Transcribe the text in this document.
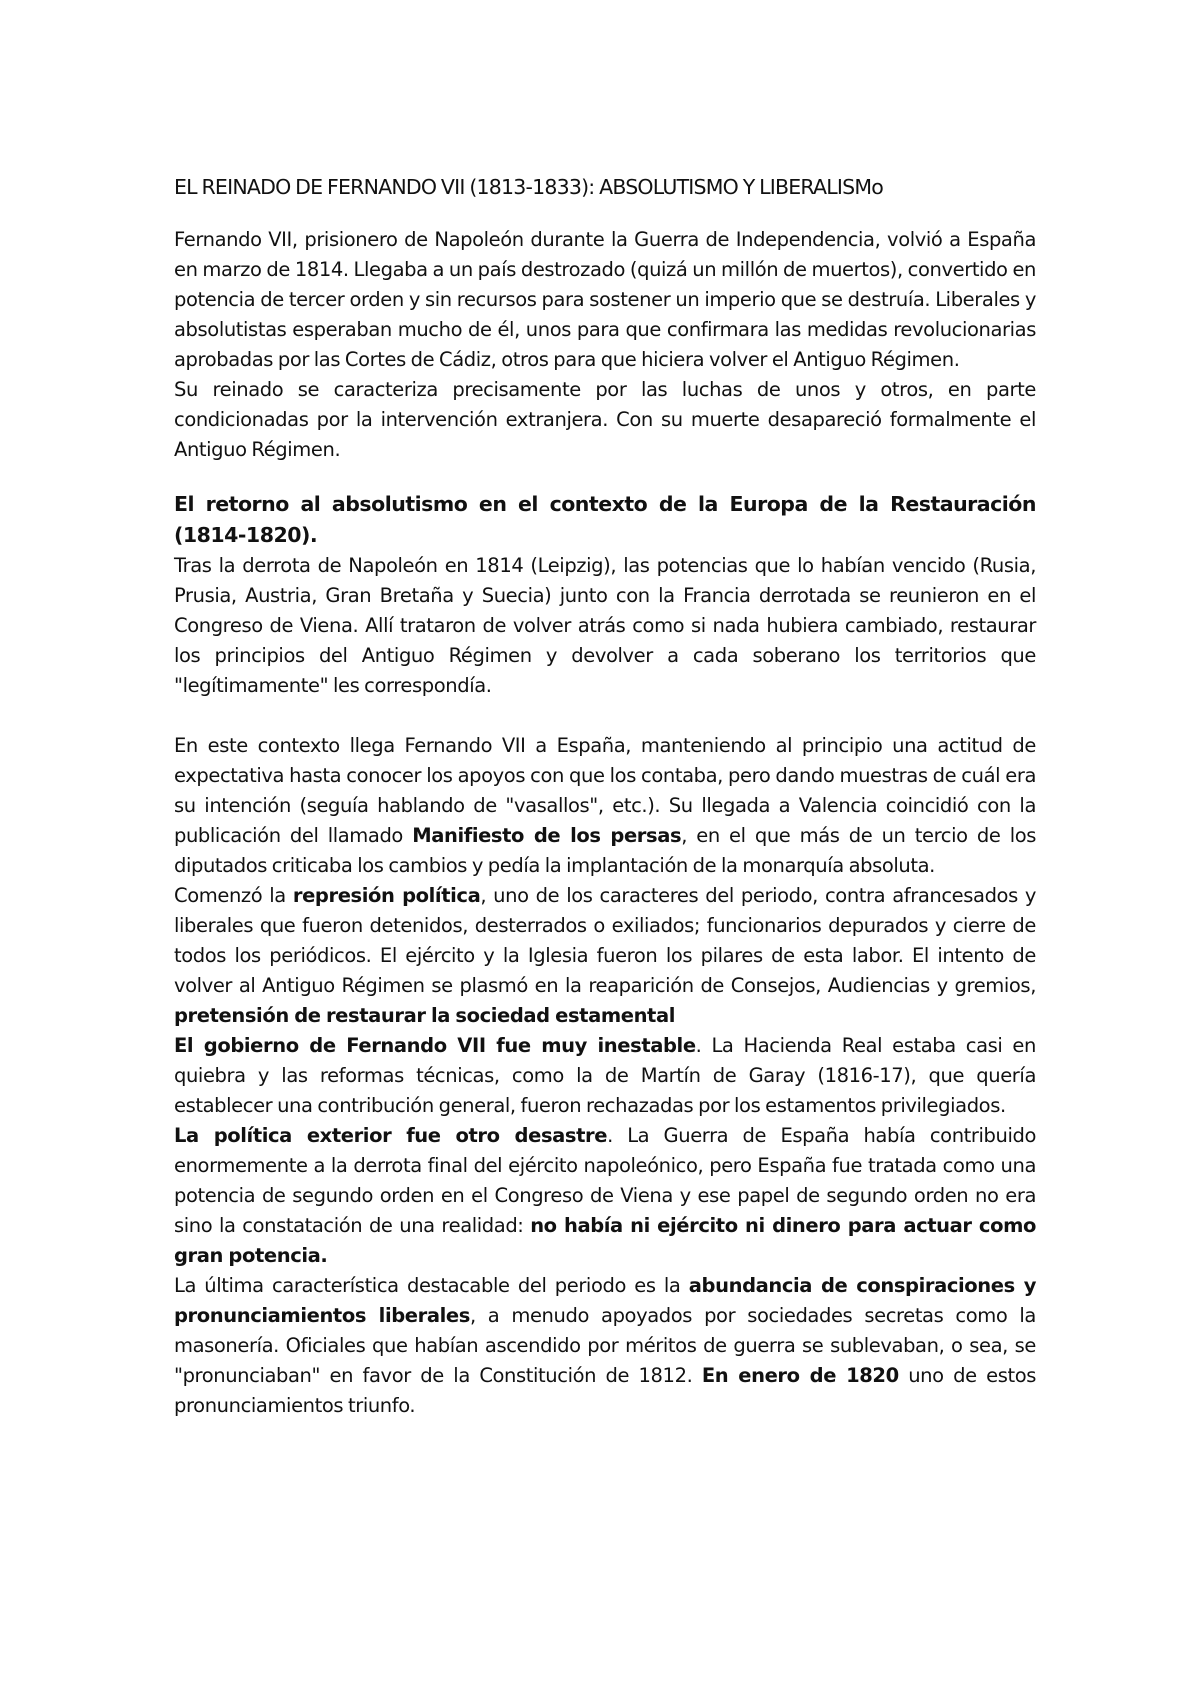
EL REINADO DE FERNANDO VII (1813-1833): ABSOLUTISMO Y LIBERALISMo

Fernando VII, prisionero de Napoleón durante la Guerra de Independencia, volvió a España en marzo de 1814. Llegaba a un país destrozado (quizá un millón de muertos), convertido en potencia de tercer orden y sin recursos para sostener un imperio que se destruía. Liberales y absolutistas esperaban mucho de él, unos para que confirmara las medidas revolucionarias aprobadas por las Cortes de Cádiz, otros para que hiciera volver el Antiguo Régimen.

Su reinado se caracteriza precisamente por las luchas de unos y otros, en parte condicionadas por la intervención extranjera. Con su muerte desapareció formalmente el Antiguo Régimen.

El retorno al absolutismo en el contexto de la Europa de la Restauración (1814-1820).

Tras la derrota de Napoleón en 1814 (Leipzig), las potencias que lo habían vencido (Rusia, Prusia, Austria, Gran Bretaña y Suecia) junto con la Francia derrotada se reunieron en el Congreso de Viena. Allí trataron de volver atrás como si nada hubiera cambiado, restaurar los principios del Antiguo Régimen y devolver a cada soberano los territorios que "legítimamente" les correspondía.

En este contexto llega Fernando VII a España, manteniendo al principio una actitud de expectativa hasta conocer los apoyos con que los contaba, pero dando muestras de cuál era su intención (seguía hablando de "vasallos", etc.). Su llegada a Valencia coincidió con la publicación del llamado Manifiesto de los persas, en el que más de un tercio de los diputados criticaba los cambios y pedía la implantación de la monarquía absoluta.

Comenzó la represión política, uno de los caracteres del periodo, contra afrancesados y liberales que fueron detenidos, desterrados o exiliados; funcionarios depurados y cierre de todos los periódicos. El ejército y la Iglesia fueron los pilares de esta labor. El intento de volver al Antiguo Régimen se plasmó en la reaparición de Consejos, Audiencias y gremios, pretensión de restaurar la sociedad estamental

El gobierno de Fernando VII fue muy inestable. La Hacienda Real estaba casi en quiebra y las reformas técnicas, como la de Martín de Garay (1816-17), que quería establecer una contribución general, fueron rechazadas por los estamentos privilegiados.

La política exterior fue otro desastre. La Guerra de España había contribuido enormemente a la derrota final del ejército napoleónico, pero España fue tratada como una potencia de segundo orden en el Congreso de Viena y ese papel de segundo orden no era sino la constatación de una realidad: no había ni ejército ni dinero para actuar como gran potencia.

La última característica destacable del periodo es la abundancia de conspiraciones y pronunciamientos liberales, a menudo apoyados por sociedades secretas como la masonería. Oficiales que habían ascendido por méritos de guerra se sublevaban, o sea, se "pronunciaban" en favor de la Constitución de 1812. En enero de 1820 uno de estos pronunciamientos triunfo.
